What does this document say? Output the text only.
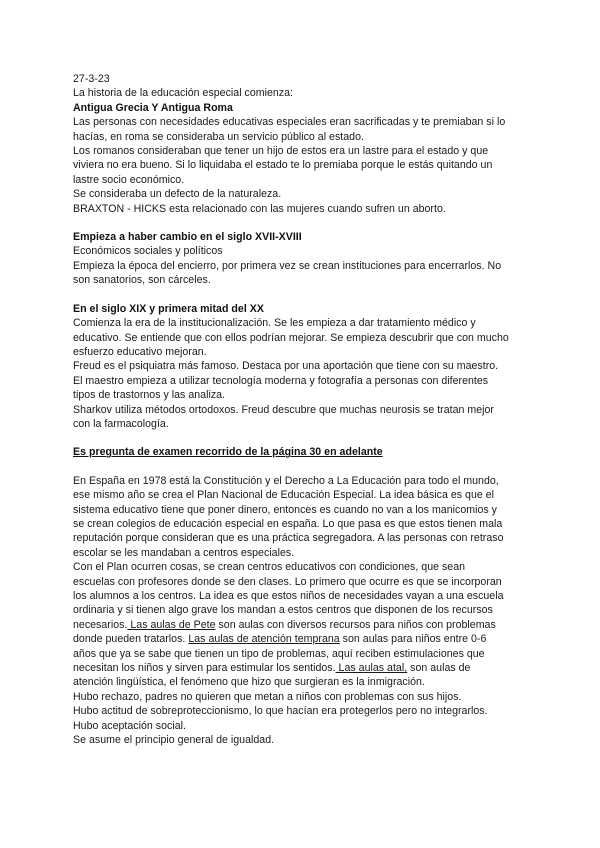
27-3-23
La historia de la educación especial comienza:
Antigua Grecia Y Antigua Roma
Las personas con necesidades educativas especiales eran sacrificadas y te premiaban si lo
hacías, en roma se consideraba un servicio público al estado.
Los romanos consideraban que tener un hijo de estos era un lastre para el estado y que
viviera no era bueno. Si lo liquidaba el estado te lo premiaba porque le estás quitando un
lastre socio económico.
Se consideraba un defecto de la naturaleza.
BRAXTON - HICKS esta relacionado con las mujeres cuando sufren un aborto.
Empieza a haber cambio en el siglo XVII-XVIII
Económicos sociales y políticos
Empieza la época del encierro, por primera vez se crean instituciones para encerrarlos. No
son sanatorios, son cárceles.
En el siglo XIX y primera mitad del XX
Comienza la era de la institucionalización. Se les empieza a dar tratamiento médico y
educativo. Se entiende que con ellos podrían mejorar. Se empieza descubrir que con mucho
esfuerzo educativo mejoran.
Freud es el psiquiatra más famoso. Destaca por una aportación que tiene con su maestro.
El maestro empieza a utilizar tecnología moderna y fotografía a personas con diferentes
tipos de trastornos y las analiza.
Sharkov utiliza métodos ortodoxos. Freud descubre que muchas neurosis se tratan mejor
con la farmacología.
Es pregunta de examen recorrido de la página 30 en adelante
En España en 1978 está la Constitución y el Derecho a La Educación para todo el mundo,
ese mismo año se crea el Plan Nacional de Educación Especial. La idea básica es que el
sistema educativo tiene que poner dinero, entonces es cuando no van a los manicomios y
se crean colegios de educación especial en españa. Lo que pasa es que estos tienen mala
reputación porque consideran que es una práctica segregadora. A las personas con retraso
escolar se les mandaban a centros especiales.
Con el Plan ocurren cosas, se crean centros educativos con condiciones, que sean
escuelas con profesores donde se den clases. Lo primero que ocurre es que se incorporan
los alumnos a los centros. La idea es que estos niños de necesidades vayan a una escuela
ordinaria y si tienen algo grave los mandan a estos centros que disponen de los recursos
necesarios. Las aulas de Pete son aulas con diversos recursos para niños con problemas
donde pueden tratarlos. Las aulas de atención temprana son aulas para niños entre 0-6
años que ya se sabe que tienen un tipo de problemas, aquí reciben estimulaciones que
necesitan los niños y sirven para estimular los sentidos. Las aulas atal, son aulas de
atención lingüística, el fenómeno que hizo que surgieran es la inmigración.
Hubo rechazo, padres no quieren que metan a niños con problemas con sus hijos.
Hubo actitud de sobreproteccionismo, lo que hacían era protegerlos pero no integrarlos.
Hubo aceptación social.
Se asume el principio general de igualdad.
